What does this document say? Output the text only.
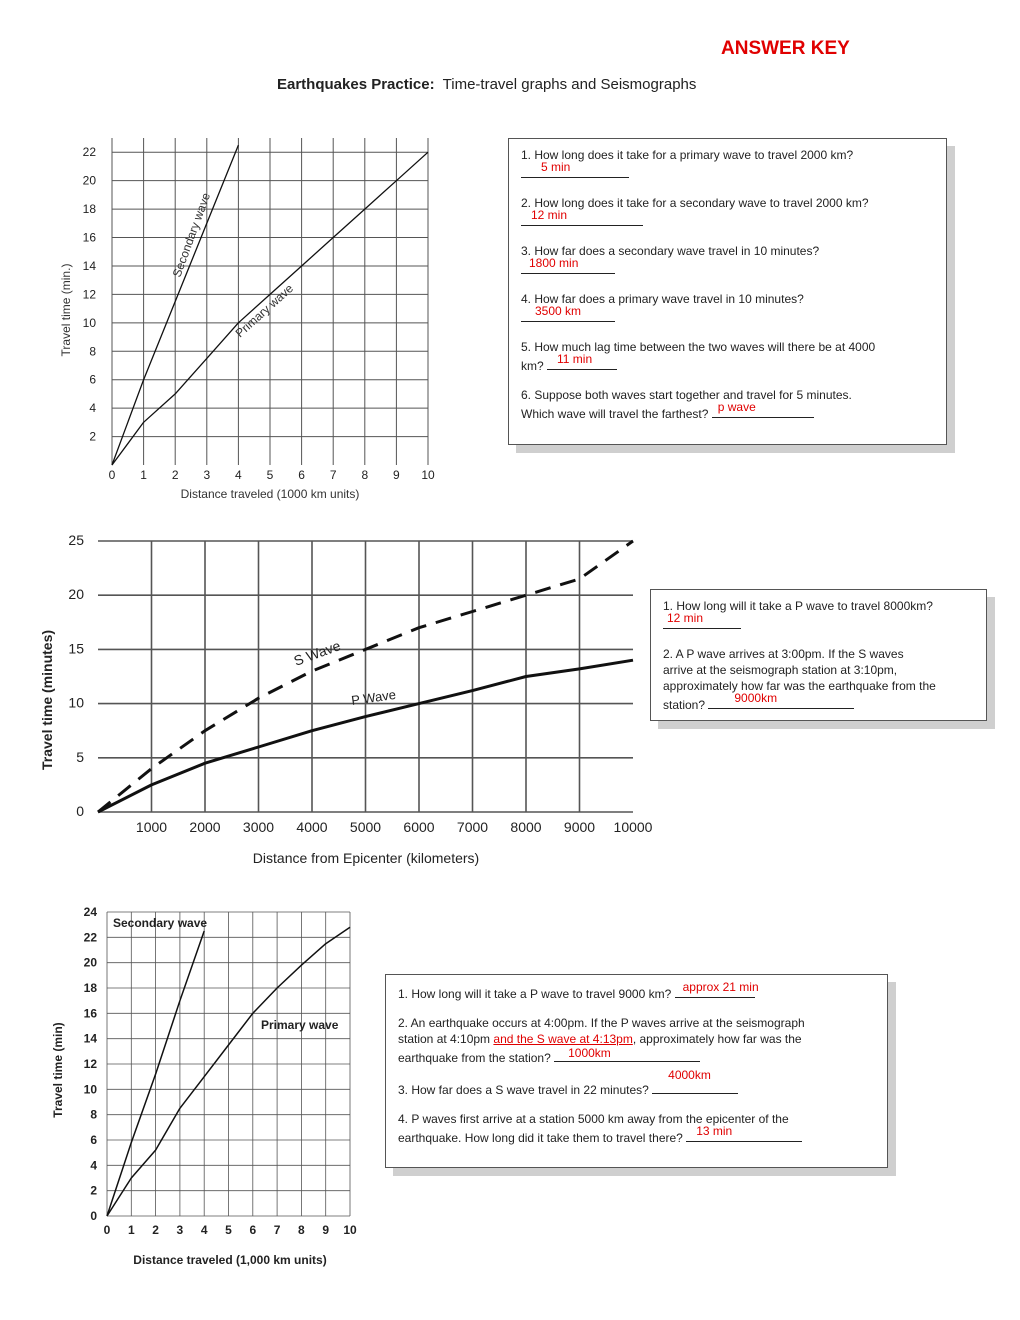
ANSWER KEY
Earthquakes Practice: Time-travel graphs and Seismographs
0 1 2 3 4 5 6 7 8 9 10
2
4
6
8
10
12
14
16
18
20
22
Travel time (min.)
Distance traveled (1000 km units)
Secondary wave
Primary wave
1000 2000 3000 4000 5000 6000 7000 8000 9000 10000
0
5
10
15
20
25
Travel time (minutes)
Distance from Epicenter (kilometers)
S Wave
P Wave
0 1 2 3 4 5 6 7 8 9 10
0
2
4
6
8
10
12
14
16
18
20
22
24
Travel time (min)
Distance traveled (1,000 km units)
Secondary wave
Primary wave
1. How long does it take for a primary wave to travel 2000 km?

5 min
2. How long does it take for a secondary wave to travel 2000 km?

12 min
3. How far does a secondary wave travel in 10 minutes?

1800 min
4. How far does a primary wave travel in 10 minutes?

3500 km
5. How much lag time between the two waves will there be at 4000
km? 11 min
6. Suppose both waves start together and travel for 5 minutes.
Which wave will travel the farthest? p wave
1. How long will it take a P wave to travel 8000km?

12 min
2. A P wave arrives at 3:00pm. If the S waves
arrive at the seismograph station at 3:10pm,
approximately how far was the earthquake from the
station? 9000km
1. How long will it take a P wave to travel 9000 km? approx 21 min
2. An earthquake occurs at 4:00pm. If the P waves arrive at the seismograph
station at 4:10pm and the S wave at 4:13pm, approximately how far was the
earthquake from the station? 1000km
3. How far does a S wave travel in 22 minutes?
4000km
4. P waves first arrive at a station 5000 km away from the epicenter of the
earthquake. How long did it take them to travel there? 13 min
